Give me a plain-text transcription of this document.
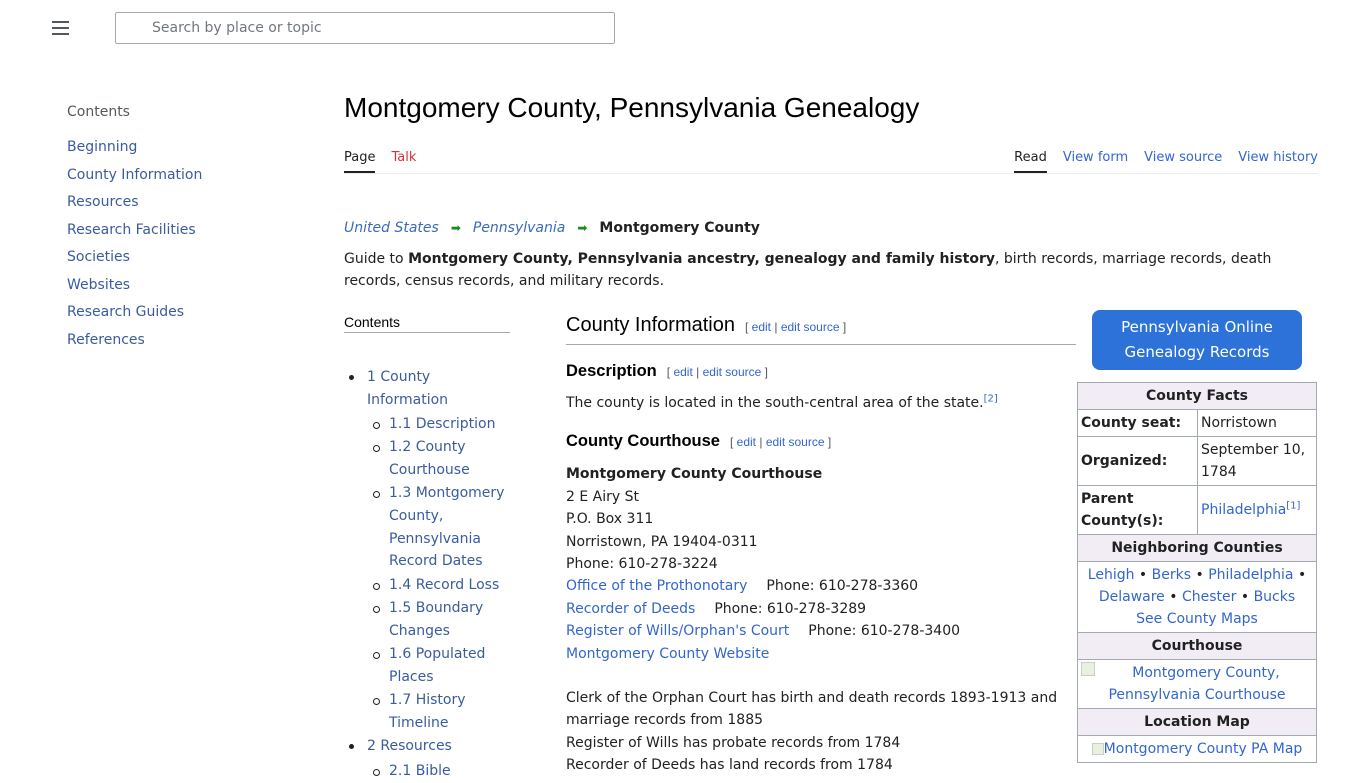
Search by place or topic
Contents
Beginning
County Information
Resources
Research Facilities
Societies
Websites
Research Guides
References
Montgomery County, Pennsylvania Genealogy
Page Talk	Read View form View source View history
United States ➡ Pennsylvania ➡ Montgomery County

Guide to Montgomery County, Pennsylvania ancestry, genealogy and family history, birth records, marriage records, death records, census records, and military records.

Contents
1 County Information
1.1 Description
1.2 County Courthouse
1.3 Montgomery County, Pennsylvania Record Dates
1.4 Record Loss
1.5 Boundary Changes
1.6 Populated Places
1.7 History Timeline
2 Resources
2.1 Bible
County Information [ edit | edit source ]
Description [ edit | edit source ]

The county is located in the south-central area of the state.[2]

County Courthouse [ edit | edit source ]
Montgomery County Courthouse
2 E Airy St
P.O. Box 311
Norristown, PA 19404-0311
Phone: 610-278-3224
Office of the Prothonotary Phone: 610-278-3360
Recorder of Deeds Phone: 610-278-3289
Register of Wills/Orphan's Court Phone: 610-278-3400
Montgomery County Website
Clerk of the Orphan Court has birth and death records 1893-1913 and marriage records from 1885
Register of Wills has probate records from 1784
Recorder of Deeds has land records from 1784
Pennsylvania Online
Genealogy Records
County Facts	
County seat:	Norristown
Organized:	September 10, 1784
Parent County(s):	Philadelphia[1]
Neighboring Counties	
Lehigh • Berks • Philadelphia •
Delaware • Chester • Bucks
See County Maps	
Courthouse	

Montgomery County, Pennsylvania Courthouse	
Location Map	
Montgomery County PA Map	
